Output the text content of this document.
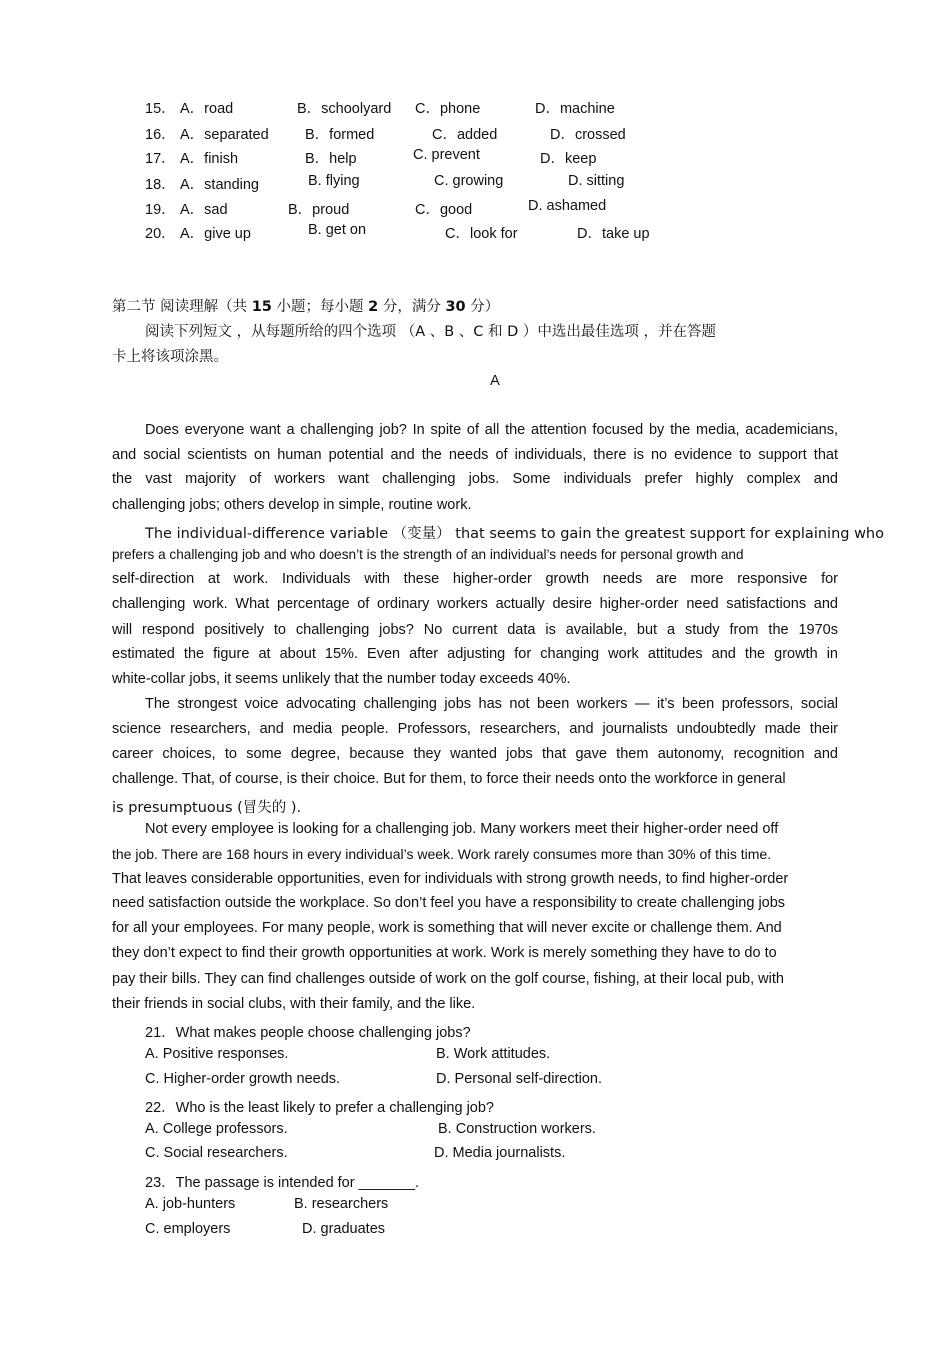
15． A．road	B．schoolyard C．phone	D．machine
16． A．separated	B．formed	C．added	D．crossed
17． A．finish	B．help	C. prevent	D．keep
18． A．standing	B. flying	C. growing	D. sitting
19． A．sad	B．proud	C．good	D. ashamed
20． A．give up	B. get on	C．look for	D．take up
第二节 阅读理解（共 15 小题；每小题 2 分，满分 30 分）
阅读下列短文 ，从每题所给的四个选项 （A 、B 、C 和 D ）中选出最佳选项 ，并在答题
卡上将该项涂黑。
A
Does everyone want a challenging job? In spite of all the attention focused by the media, academicians,
and social scientists on human potential and the needs of individuals, there is no evidence to support that
the vast majority of workers want challenging jobs. Some individuals prefer highly complex and
challenging jobs; others develop in simple, routine work.
The individual-difference variable （变量） that seems to gain the greatest support for explaining who
prefers a challenging job and who doesn’t is the strength of an individual’s needs for personal growth and
self-direction at work. Individuals with these higher-order growth needs are more responsive for
challenging work. What percentage of ordinary workers actually desire higher-order need satisfactions and
will respond positively to challenging jobs? No current data is available, but a study from the 1970s
estimated the figure at about 15%. Even after adjusting for changing work attitudes and the growth in
white-collar jobs, it seems unlikely that the number today exceeds 40%.
The strongest voice advocating challenging jobs has not been workers — it’s been professors, social
science researchers, and media people. Professors, researchers, and journalists undoubtedly made their
career choices, to some degree, because they wanted jobs that gave them autonomy, recognition and
challenge. That, of course, is their choice. But for them, to force their needs onto the workforce in general
is presumptuous (冒失的 ).
Not every employee is looking for a challenging job. Many workers meet their higher-order need off
the job. There are 168 hours in every individual’s week. Work rarely consumes more than 30% of this time.
That leaves considerable opportunities, even for individuals with strong growth needs, to find higher-order
need satisfaction outside the workplace. So don’t feel you have a responsibility to create challenging jobs
for all your employees. For many people, work is something that will never excite or challenge them. And
they don’t expect to find their growth opportunities at work. Work is merely something they have to do to
pay their bills. They can find challenges outside of work on the golf course, fishing, at their local pub, with
their friends in social clubs, with their family, and the like.
21．What makes people choose challenging jobs?
A. Positive responses.	B. Work attitudes.
C. Higher-order growth needs.	D. Personal self-direction.
22．Who is the least likely to prefer a challenging job?
A. College professors.	B. Construction workers.
C. Social researchers.	D. Media journalists.
23．The passage is intended for _______.
A. job-hunters	B. researchers
C. employers	D. graduates
